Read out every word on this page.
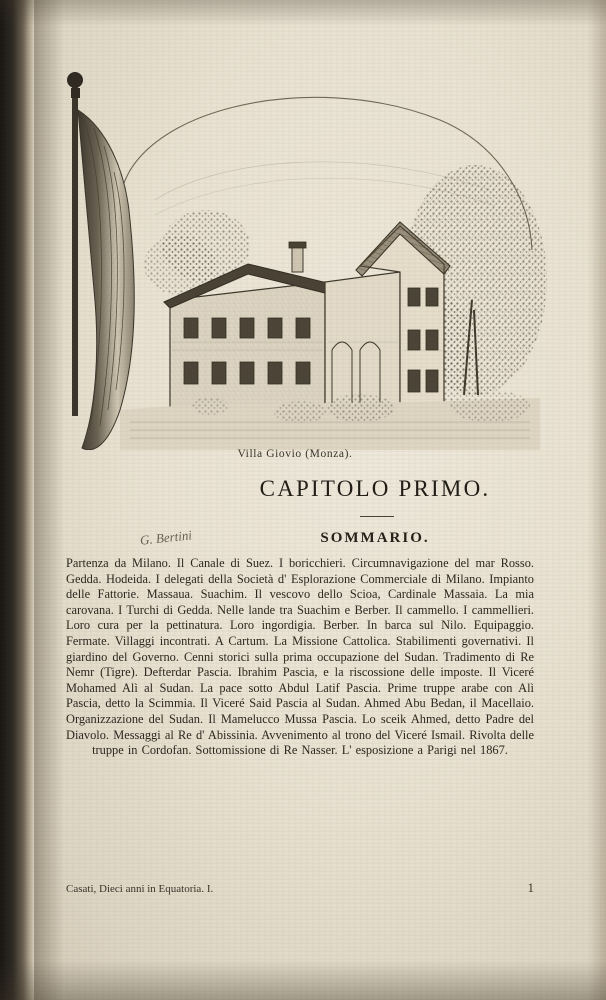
G. Bertini
Villa Giovio (Monza).
CAPITOLO PRIMO.
SOMMARIO.

Partenza da Milano. Il Canale di Suez. I boricchieri. Circumnavigazione del mar Rosso. Gedda. Hodeida. I delegati della Società d' Esplorazione Commerciale di Milano. Impianto delle Fattorie. Massaua. Suachim. Il vescovo dello Scioa, Cardinale Massaia. La mia carovana. I Turchi di Gedda. Nelle lande tra Suachim e Berber. Il cammello. I cammellieri. Loro cura per la pettinatura. Loro ingordigia. Berber. In barca sul Nilo. Equipaggio. Fermate. Villaggi incontrati. A Cartum. La Missione Cattolica. Stabilimenti governativi. Il giardino del Governo. Cenni storici sulla prima occupazione del Sudan. Tradimento di Re Nemr (Tigre). Defterdar Pascia. Ibrahim Pascia, e la riscossione delle imposte. Il Viceré Mohamed Alì al Sudan. La pace sotto Abdul Latif Pascia. Prime truppe arabe con Alì Pascia, detto la Scimmia. Il Viceré Said Pascia al Sudan. Ahmed Abu Bedan, il Macellaio. Organizzazione del Sudan. Il Mamelucco Mussa Pascia. Lo sceik Ahmed, detto Padre del Diavolo. Messaggi al Re d' Abissinia. Avvenimento al trono del Viceré Ismail. Rivolta delle truppe in Cordofan. Sottomissione di Re Nasser. L' esposizione a Parigi nel 1867.

Casati, Dieci anni in Equatoria. I.	1
